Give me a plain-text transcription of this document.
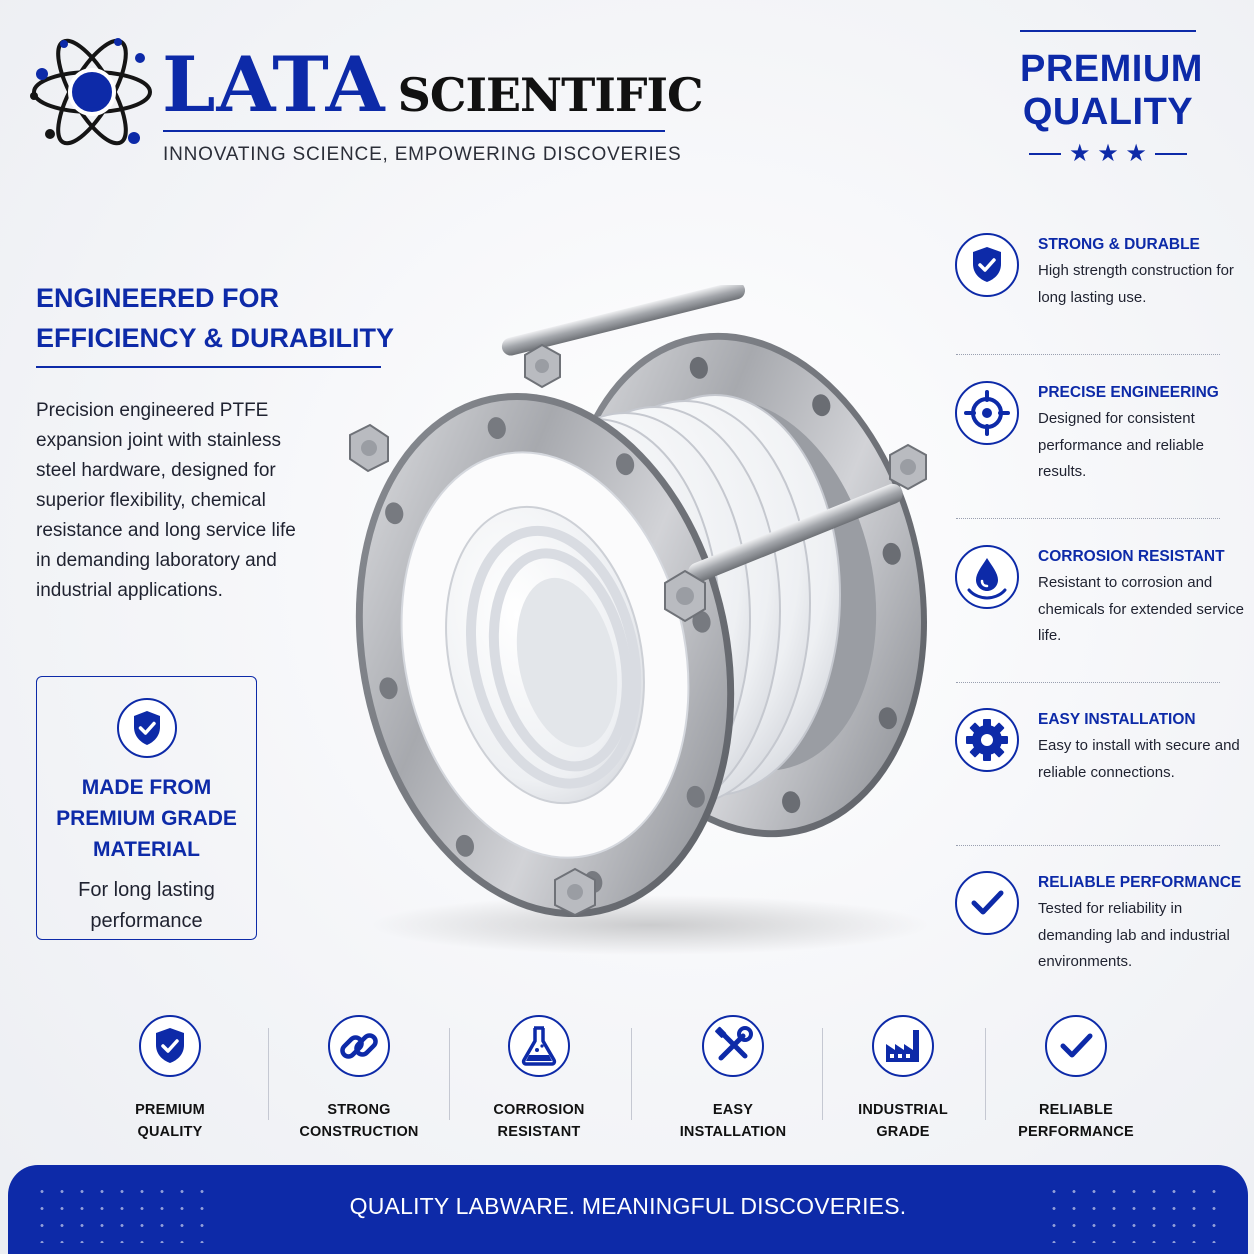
LATA SCIENTIFIC
INNOVATING SCIENCE, EMPOWERING DISCOVERIES
PREMIUM QUALITY
★ ★ ★
ENGINEERED FOR
EFFICIENCY & DURABILITY
Precision engineered PTFE expansion joint with stainless steel hardware, designed for superior flexibility, chemical resistance and long service life in demanding laboratory and industrial applications.
MADE FROM PREMIUM GRADE MATERIAL
For long lasting performance
STRONG & DURABLE
High strength construction for long lasting use.
PRECISE ENGINEERING
Designed for consistent performance and reliable results.
CORROSION RESISTANT
Resistant to corrosion and chemicals for extended service life.
EASY INSTALLATION
Easy to install with secure and reliable connections.
RELIABLE PERFORMANCE
Tested for reliability in demanding lab and industrial environments.
PREMIUM
QUALITY
STRONG
CONSTRUCTION
CORROSION
RESISTANT
EASY
INSTALLATION
INDUSTRIAL
GRADE
RELIABLE
PERFORMANCE
QUALITY LABWARE. MEANINGFUL DISCOVERIES.
